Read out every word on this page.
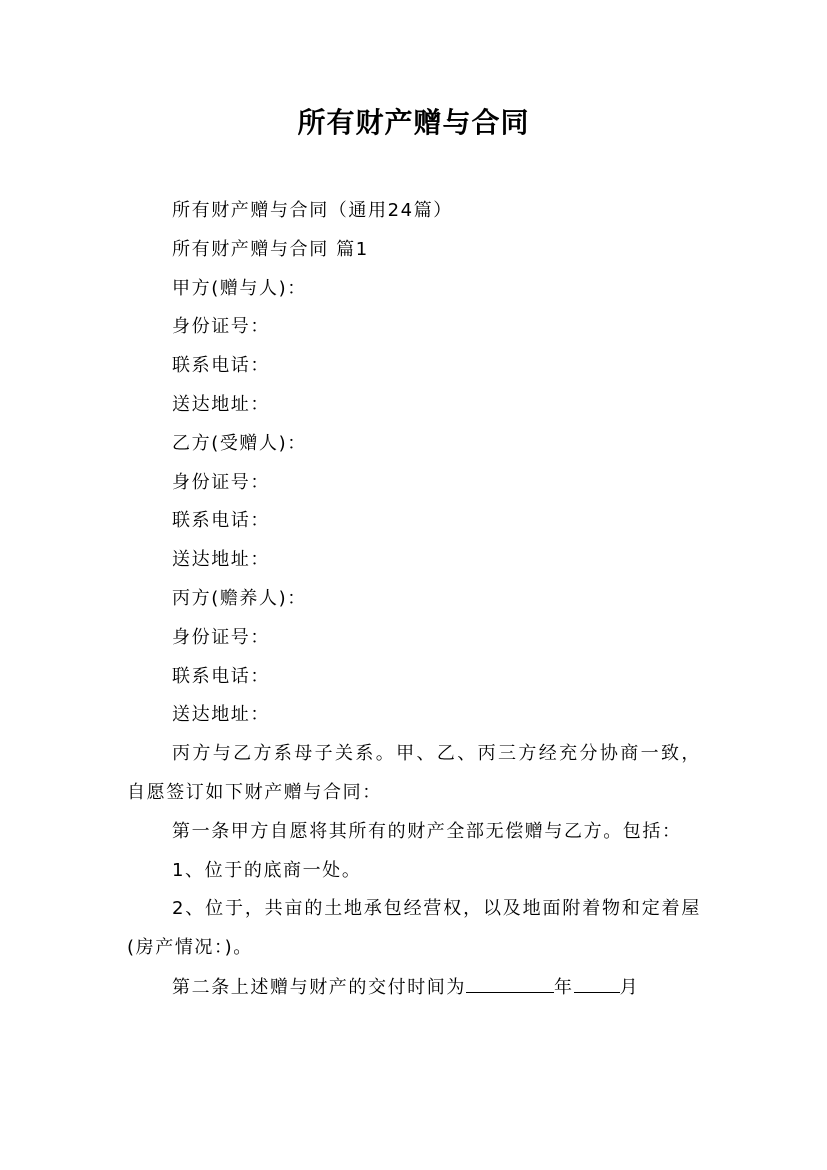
所有财产赠与合同

所有财产赠与合同（通用24篇）

所有财产赠与合同 篇1

甲方(赠与人)：

身份证号：

联系电话：

送达地址：

乙方(受赠人)：

身份证号：

联系电话：

送达地址：

丙方(赡养人)：

身份证号：

联系电话：

送达地址：

丙方与乙方系母子关系。甲、乙、丙三方经充分协商一致，自愿签订如下财产赠与合同：

第一条甲方自愿将其所有的财产全部无偿赠与乙方。包括：

1、位于的底商一处。

2、位于，共亩的土地承包经营权，以及地面附着物和定着屋(房产情况：)。

第二条上述赠与财产的交付时间为	年	月
